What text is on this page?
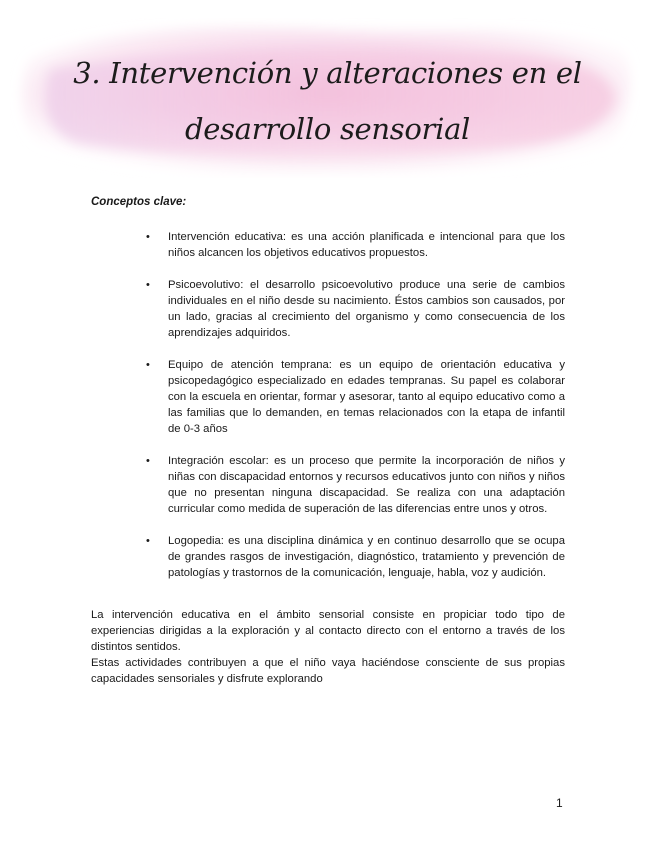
3. Intervención y alteraciones en el
desarrollo sensorial

Conceptos clave:

• Intervención educativa: es una acción planificada e intencional para que los niños alcancen los objetivos educativos propuestos.
• Psicoevolutivo: el desarrollo psicoevolutivo produce una serie de cambios individuales en el niño desde su nacimiento. Éstos cambios son causados, por un lado, gracias al crecimiento del organismo y como consecuencia de los aprendizajes adquiridos.
• Equipo de atención temprana: es un equipo de orientación educativa y psicopedagógico especializado en edades tempranas. Su papel es colaborar con la escuela en orientar, formar y asesorar, tanto al equipo educativo como a las familias que lo demanden, en temas relacionados con la etapa de infantil de 0-3 años
• Integración escolar: es un proceso que permite la incorporación de niños y niñas con discapacidad entornos y recursos educativos junto con niños y niños que no presentan ninguna discapacidad. Se realiza con una adaptación curricular como medida de superación de las diferencias entre unos y otros.
• Logopedia: es una disciplina dinámica y en continuo desarrollo que se ocupa de grandes rasgos de investigación, diagnóstico, tratamiento y prevención de patologías y trastornos de la comunicación, lenguaje, habla, voz y audición.

La intervención educativa en el ámbito sensorial consiste en propiciar todo tipo de experiencias dirigidas a la exploración y al contacto directo con el entorno a través de los distintos sentidos.

Estas actividades contribuyen a que el niño vaya haciéndose consciente de sus propias capacidades sensoriales y disfrute explorando

1
